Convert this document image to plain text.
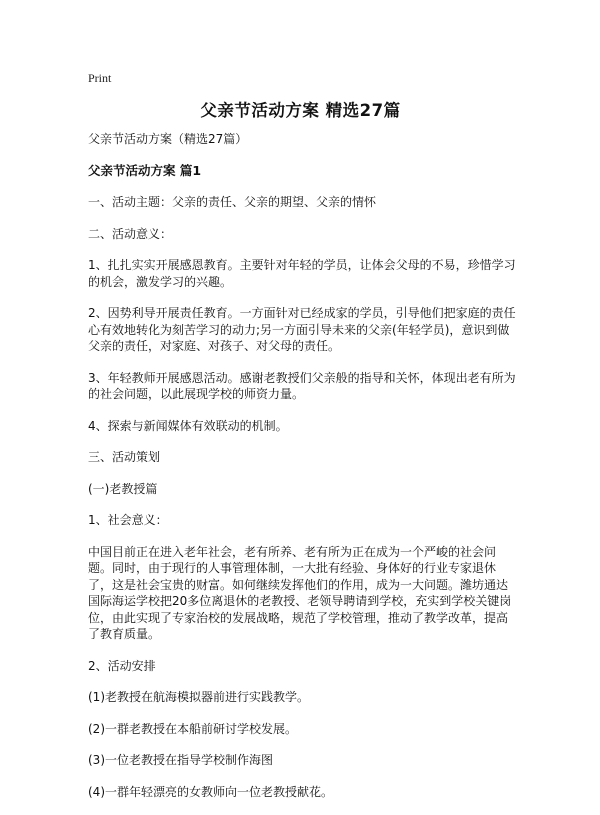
Print
父亲节活动方案 精选27篇

父亲节活动方案（精选27篇）

父亲节活动方案 篇1

一、活动主题：父亲的责任、父亲的期望、父亲的情怀

二、活动意义：

1、扎扎实实开展感恩教育。主要针对年轻的学员，让体会父母的不易，珍惜学习的机会，激发学习的兴趣。

2、因势利导开展责任教育。一方面针对已经成家的学员，引导他们把家庭的责任心有效地转化为刻苦学习的动力;另一方面引导未来的父亲(年轻学员)，意识到做父亲的责任，对家庭、对孩子、对父母的责任。

3、年轻教师开展感恩活动。感谢老教授们父亲般的指导和关怀，体现出老有所为的社会问题，以此展现学校的师资力量。

4、探索与新闻媒体有效联动的机制。

三、活动策划

(一)老教授篇

1、社会意义：

中国目前正在进入老年社会，老有所养、老有所为正在成为一个严峻的社会问题。同时，由于现行的人事管理体制，一大批有经验、身体好的行业专家退休了，这是社会宝贵的财富。如何继续发挥他们的作用，成为一大问题。潍坊通达国际海运学校把20多位离退休的老教授、老领导聘请到学校，充实到学校关键岗位，由此实现了专家治校的发展战略，规范了学校管理，推动了教学改革，提高了教育质量。

2、活动安排

(1)老教授在航海模拟器前进行实践教学。

(2)一群老教授在本船前研讨学校发展。

(3)一位老教授在指导学校制作海图

(4)一群年轻漂亮的女教师向一位老教授献花。
